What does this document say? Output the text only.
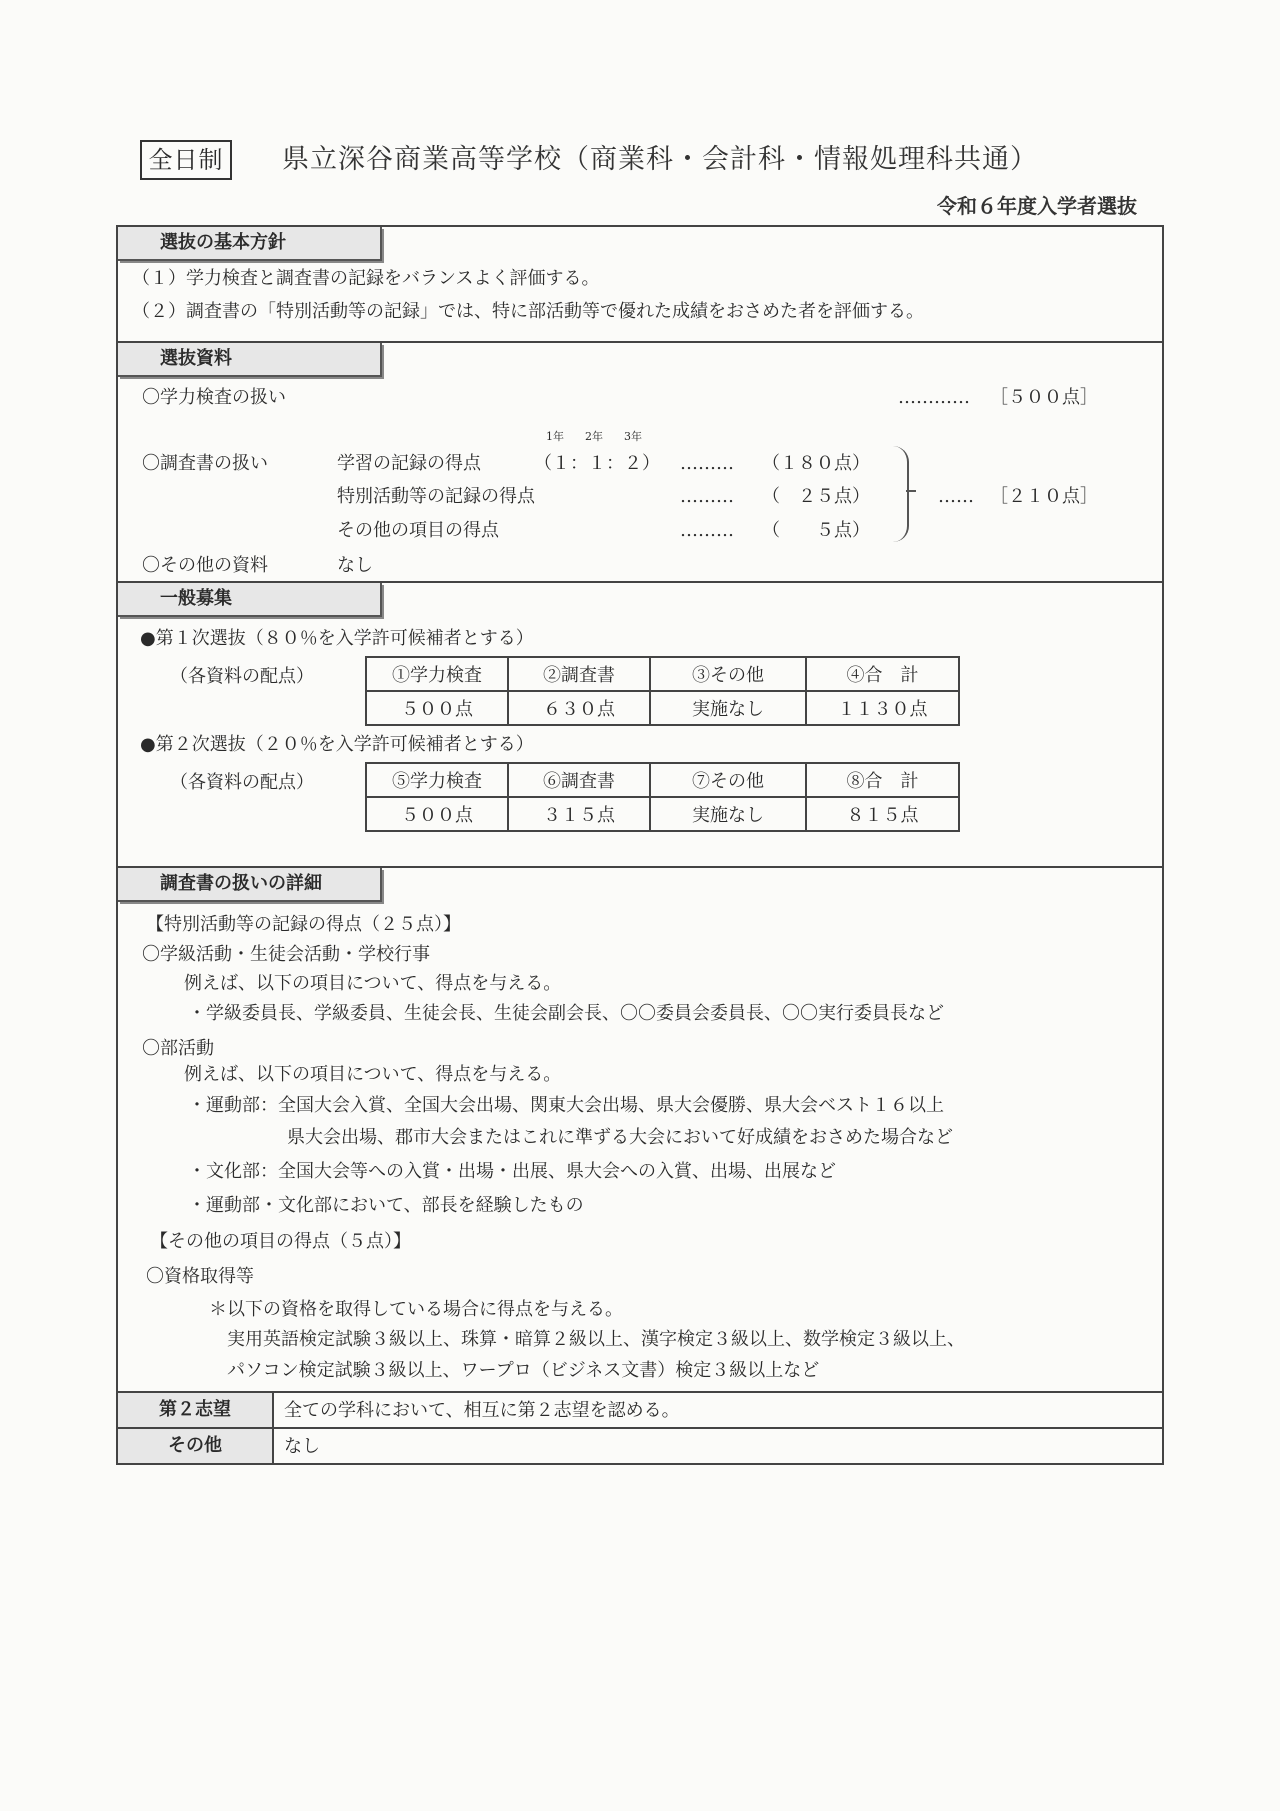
全日制	県立深谷商業高等学校（商業科・会計科・情報処理科共通）
令和６年度入学者選抜
選抜の基本方針
（１）学力検査と調査書の記録をバランスよく評価する。
（２）調査書の「特別活動等の記録」では、特に部活動等で優れた成績をおさめた者を評価する。
選抜資料
〇学力検査の扱い	………… ［５００点］
1年 2年 3年
〇調査書の扱い	学習の記録の得点	（１：１：２） ……… （１８０点）
特別活動等の記録の得点	……… （　２５点）
その他の項目の得点	……… （　　５点）
…… ［２１０点］
〇その他の資料	なし
一般募集
●第１次選抜（８０％を入学許可候補者とする）
（各資料の配点）	①学力検査	②調査書	③その他	④合　計
５００点	６３０点	実施なし	１１３０点
●第２次選抜（２０％を入学許可候補者とする）
（各資料の配点）	⑤学力検査	⑥調査書	⑦その他	⑧合　計
５００点	３１５点	実施なし	８１５点
調査書の扱いの詳細
【特別活動等の記録の得点（２５点）】
〇学級活動・生徒会活動・学校行事
例えば、以下の項目について、得点を与える。
・学級委員長、学級委員、生徒会長、生徒会副会長、〇〇委員会委員長、〇〇実行委員長など
〇部活動
例えば、以下の項目について、得点を与える。
・運動部：全国大会入賞、全国大会出場、関東大会出場、県大会優勝、県大会ベスト１６以上
県大会出場、郡市大会またはこれに準ずる大会において好成績をおさめた場合など
・文化部：全国大会等への入賞・出場・出展、県大会への入賞、出場、出展など
・運動部・文化部において、部長を経験したもの
【その他の項目の得点（５点）】
〇資格取得等
＊以下の資格を取得している場合に得点を与える。
実用英語検定試験３級以上、珠算・暗算２級以上、漢字検定３級以上、数学検定３級以上、
パソコン検定試験３級以上、ワープロ（ビジネス文書）検定３級以上など
第２志望	全ての学科において、相互に第２志望を認める。
その他	なし
